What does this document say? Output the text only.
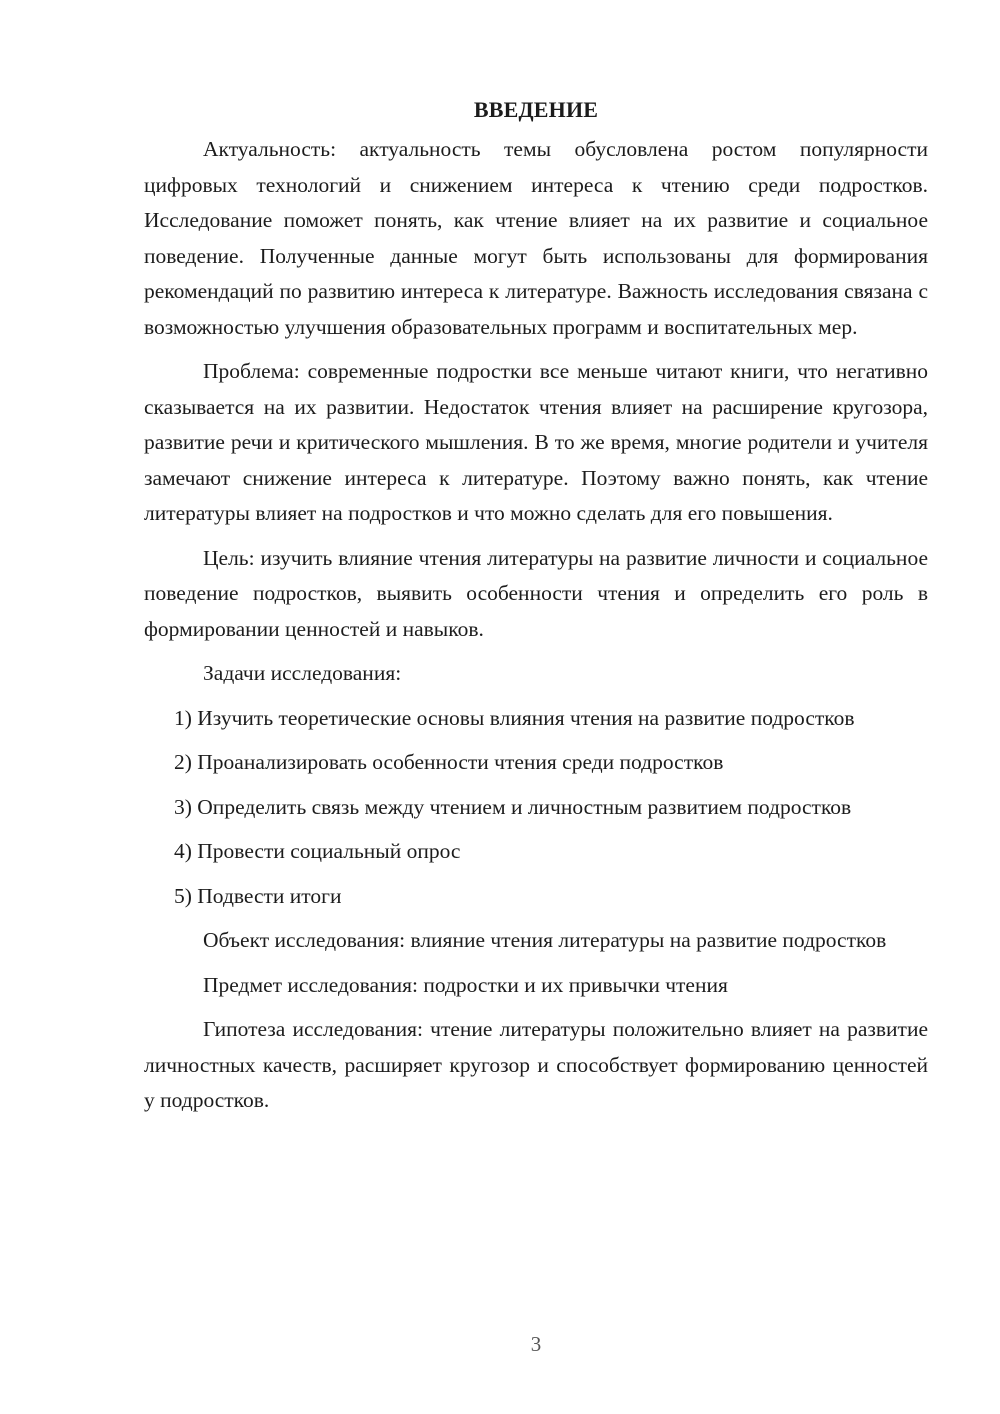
ВВЕДЕНИЕ

Актуальность: актуальность темы обусловлена ростом популярности цифровых технологий и снижением интереса к чтению среди подростков. Исследование поможет понять, как чтение влияет на их развитие и социальное поведение. Полученные данные могут быть использованы для формирования рекомендаций по развитию интереса к литературе. Важность исследования связана с возможностью улучшения образовательных программ и воспитательных мер.

Проблема: современные подростки все меньше читают книги, что негативно сказывается на их развитии. Недостаток чтения влияет на расширение кругозора, развитие речи и критического мышления. В то же время, многие родители и учителя замечают снижение интереса к литературе. Поэтому важно понять, как чтение литературы влияет на подростков и что можно сделать для его повышения.

Цель: изучить влияние чтения литературы на развитие личности и социальное поведение подростков, выявить особенности чтения и определить его роль в формировании ценностей и навыков.

Задачи исследования:

1) Изучить теоретические основы влияния чтения на развитие подростков

2) Проанализировать особенности чтения среди подростков

3) Определить связь между чтением и личностным развитием подростков

4) Провести социальный опрос

5) Подвести итоги

Объект исследования: влияние чтения литературы на развитие подростков

Предмет исследования: подростки и их привычки чтения

Гипотеза исследования: чтение литературы положительно влияет на развитие личностных качеств, расширяет кругозор и способствует формированию ценностей у подростков.

3
